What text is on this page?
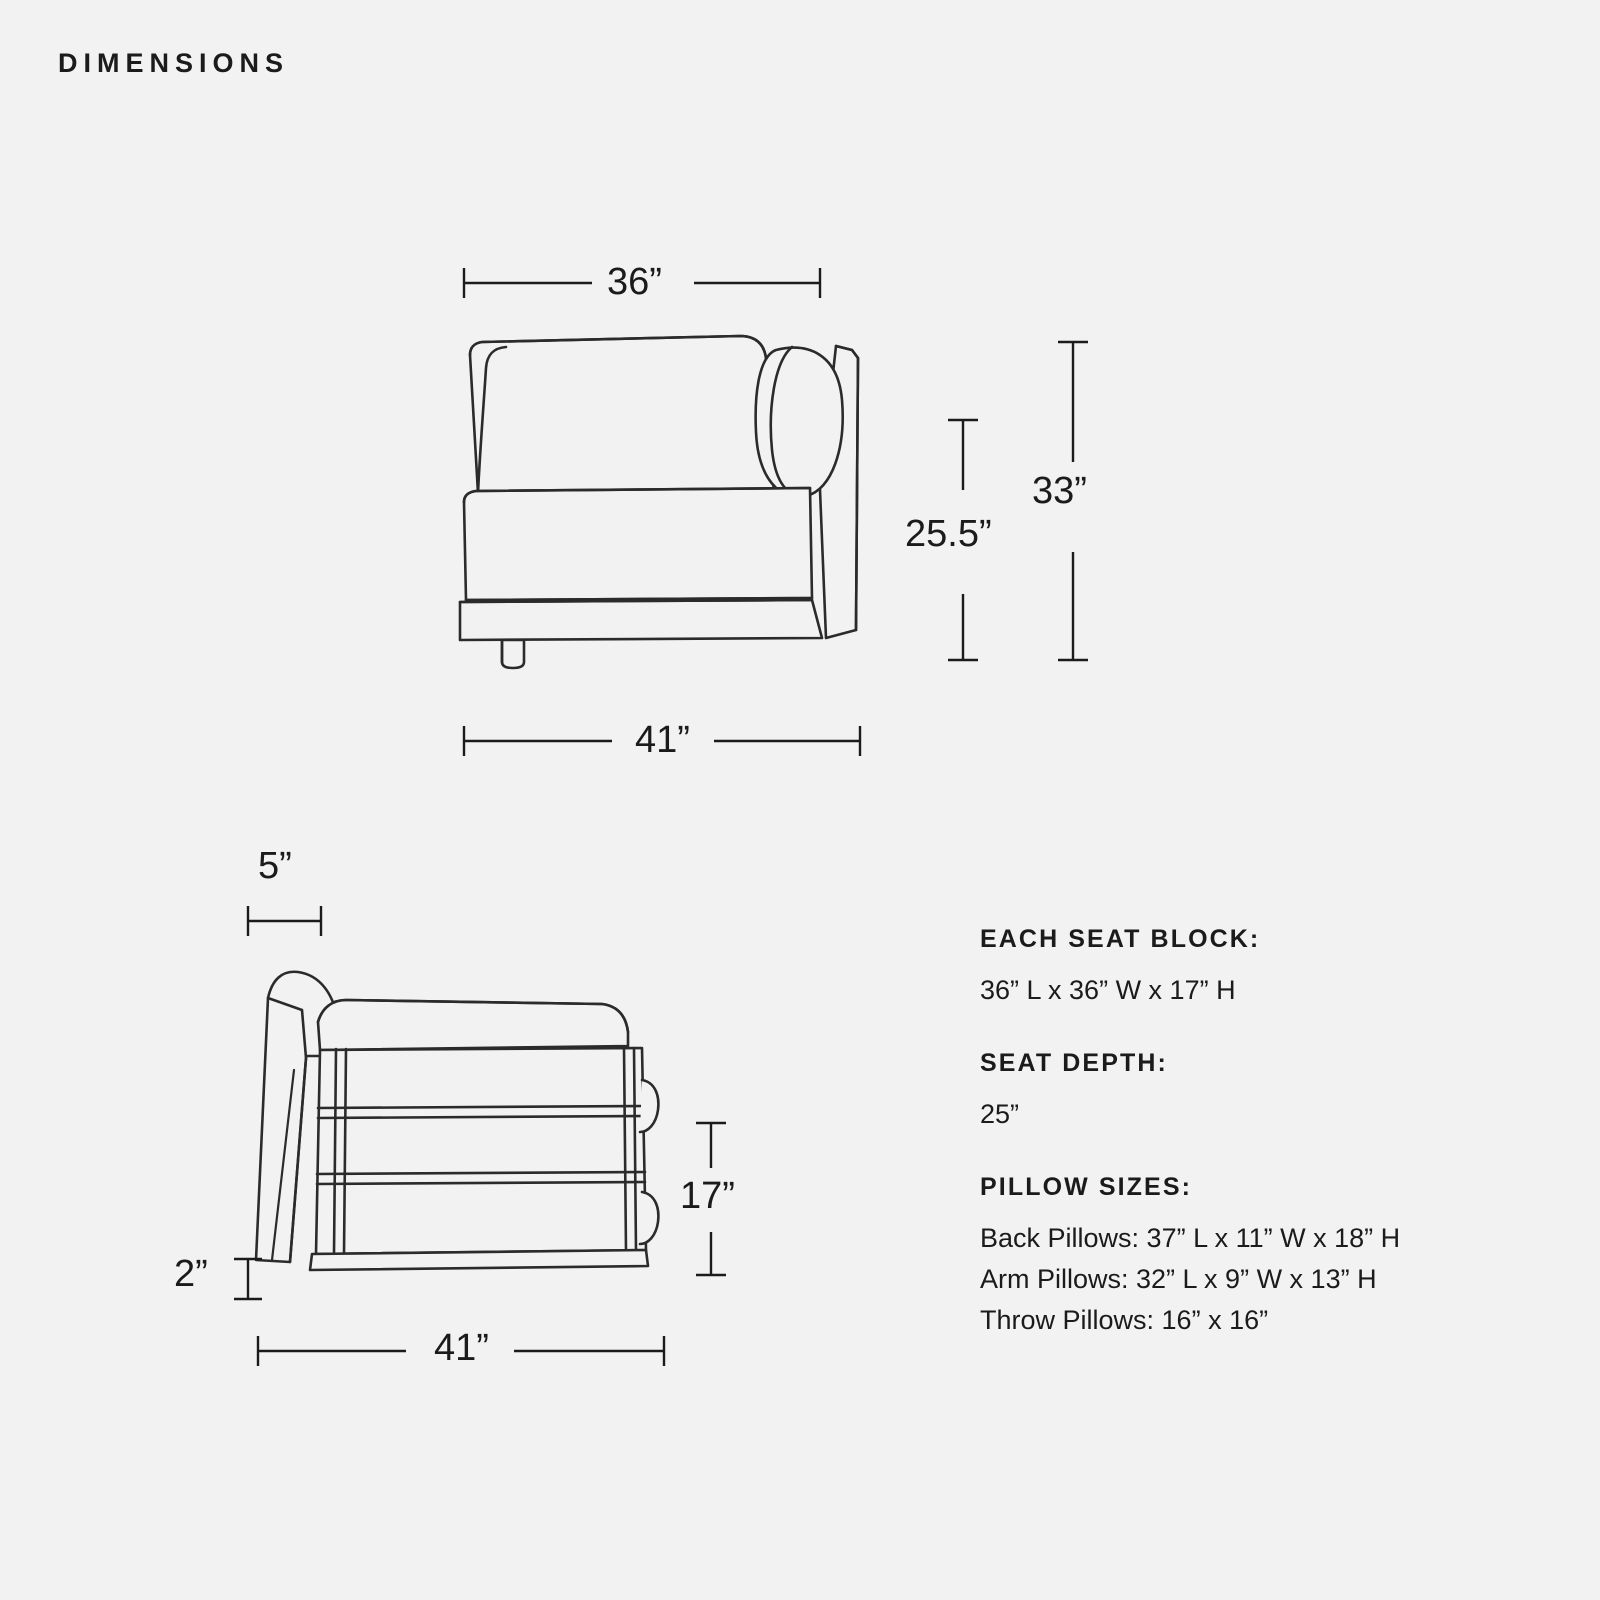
DIMENSIONS
36”
41”
25.5”
33”
5”
2”
17”
41”
EACH SEAT BLOCK:
36” L x 36” W x 17” H
SEAT DEPTH:
25”
PILLOW SIZES:
Back Pillows: 37” L x 11” W x 18” H
Arm Pillows: 32” L x 9” W x 13” H
Throw Pillows: 16” x 16”
